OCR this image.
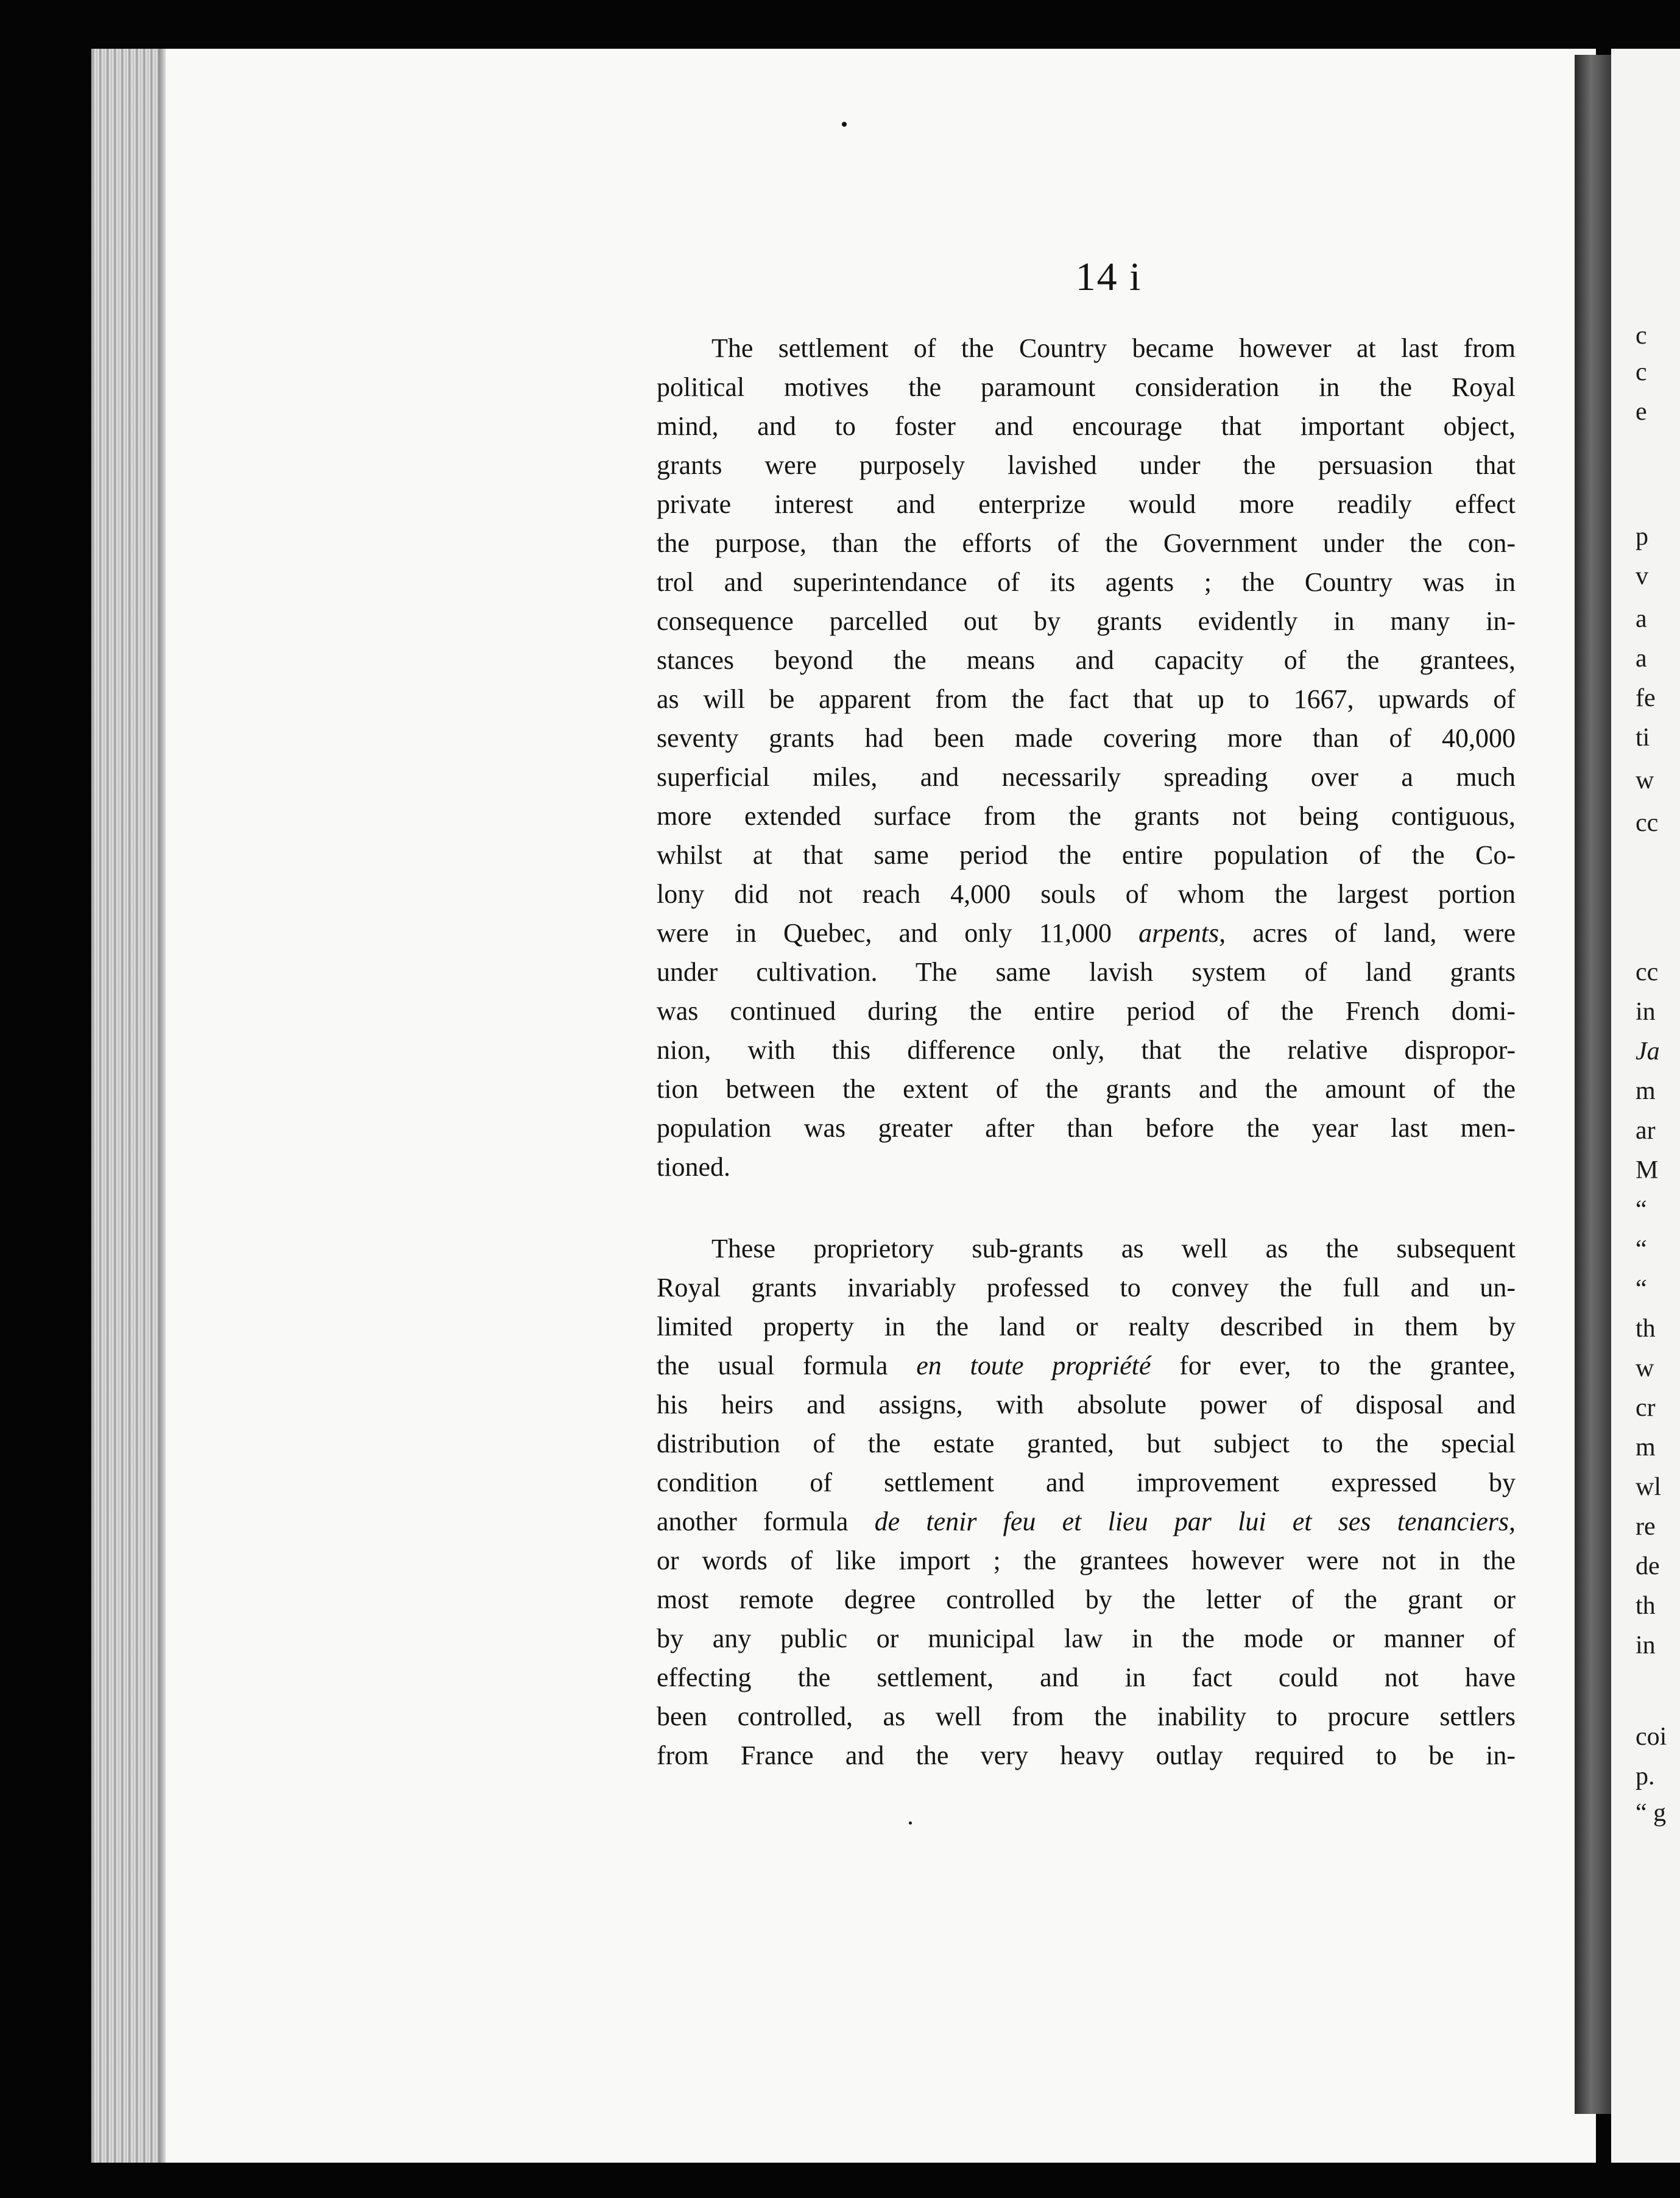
c
c
e
p
v
a
a
fe
ti
w
cc
cc
in
Ja
m
ar
M
“
“
“
th
w
cr
m
wl
re
de
th
in
coi
p.
“ g
14 i
The settlement of the Country became however at last from
political motives the paramount consideration in the Royal
mind, and to foster and encourage that important object,
grants were purposely lavished under the persuasion that
private interest and enterprize would more readily effect
the purpose, than the efforts of the Government under the con-
trol and superintendance of its agents ; the Country was in
consequence parcelled out by grants evidently in many in-
stances beyond the means and capacity of the grantees,
as will be apparent from the fact that up to 1667, upwards of
seventy grants had been made covering more than of 40,000
superficial miles, and necessarily spreading over a much
more extended surface from the grants not being contiguous,
whilst at that same period the entire population of the Co-
lony did not reach 4,000 souls of whom the largest portion
were in Quebec, and only 11,000 arpents, acres of land, were
under cultivation. The same lavish system of land grants
was continued during the entire period of the French domi-
nion, with this difference only, that the relative dispropor-
tion between the extent of the grants and the amount of the
population was greater after than before the year last men-
tioned.
These proprietory sub-grants as well as the subsequent
Royal grants invariably professed to convey the full and un-
limited property in the land or realty described in them by
the usual formula en toute propriété for ever, to the grantee,
his heirs and assigns, with absolute power of disposal and
distribution of the estate granted, but subject to the special
condition of settlement and improvement expressed by
another formula de tenir feu et lieu par lui et ses tenanciers,
or words of like import ; the grantees however were not in the
most remote degree controlled by the letter of the grant or
by any public or municipal law in the mode or manner of
effecting the settlement, and in fact could not have
been controlled, as well from the inability to procure settlers
from France and the very heavy outlay required to be in-
